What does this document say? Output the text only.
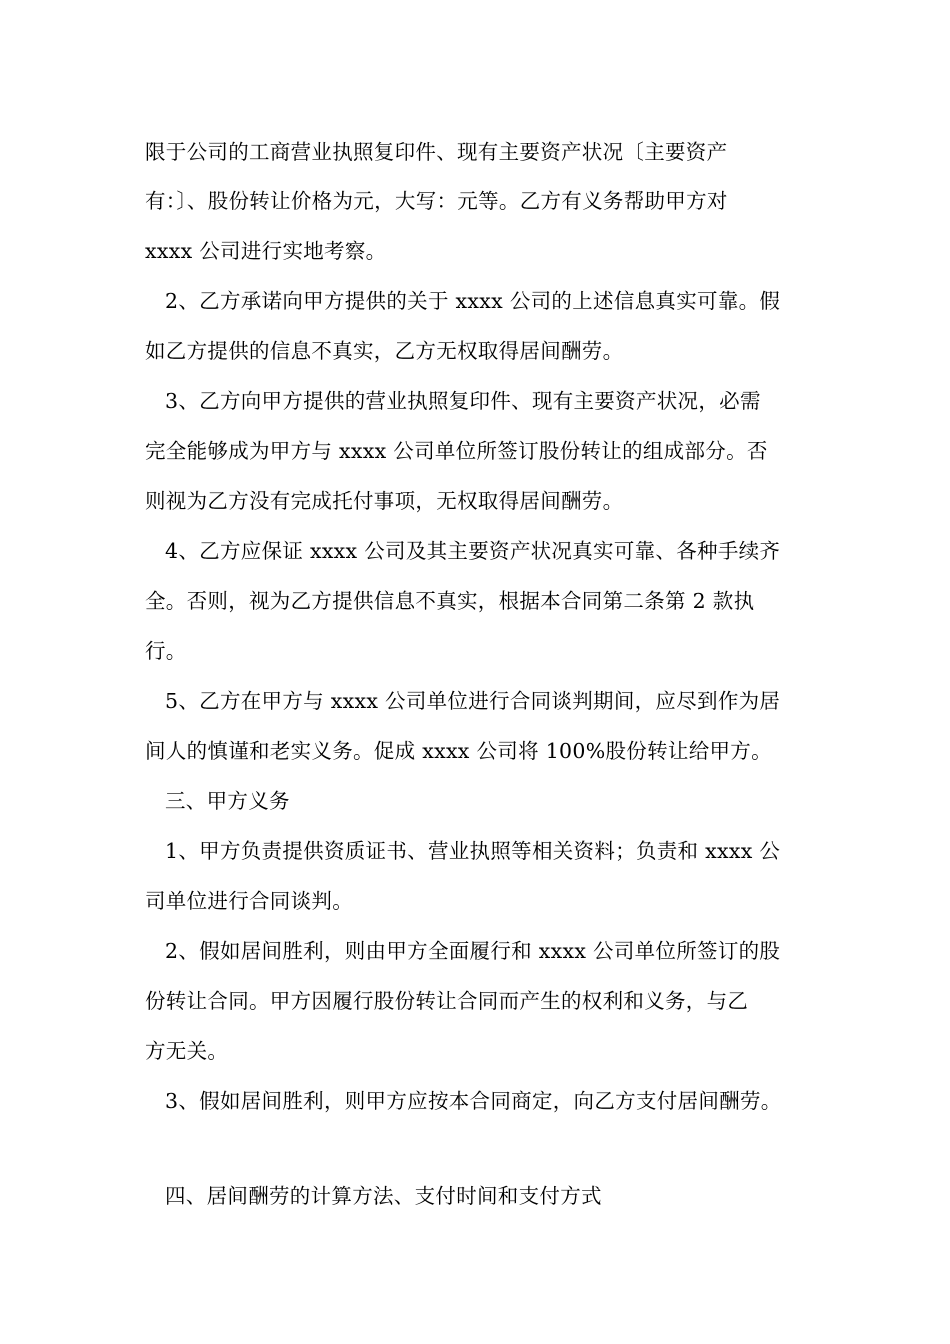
限于公司的工商营业执照复印件、现有主要资产状况〔主要资产
有：〕、股份转让价格为元，大写：元等。乙方有义务帮助甲方对
xxxx 公司进行实地考察。
2、乙方承诺向甲方提供的关于 xxxx 公司的上述信息真实可靠。假
如乙方提供的信息不真实，乙方无权取得居间酬劳。
3、乙方向甲方提供的营业执照复印件、现有主要资产状况，必需
完全能够成为甲方与 xxxx 公司单位所签订股份转让的组成部分。否
则视为乙方没有完成托付事项，无权取得居间酬劳。
4、乙方应保证 xxxx 公司及其主要资产状况真实可靠、各种手续齐
全。否则，视为乙方提供信息不真实，根据本合同第二条第 2 款执
行。
5、乙方在甲方与 xxxx 公司单位进行合同谈判期间，应尽到作为居
间人的慎谨和老实义务。促成 xxxx 公司将 100%股份转让给甲方。
三、甲方义务
1、甲方负责提供资质证书、营业执照等相关资料；负责和 xxxx 公
司单位进行合同谈判。
2、假如居间胜利，则由甲方全面履行和 xxxx 公司单位所签订的股
份转让合同。甲方因履行股份转让合同而产生的权利和义务，与乙
方无关。
3、假如居间胜利，则甲方应按本合同商定，向乙方支付居间酬劳。
四、居间酬劳的计算方法、支付时间和支付方式
